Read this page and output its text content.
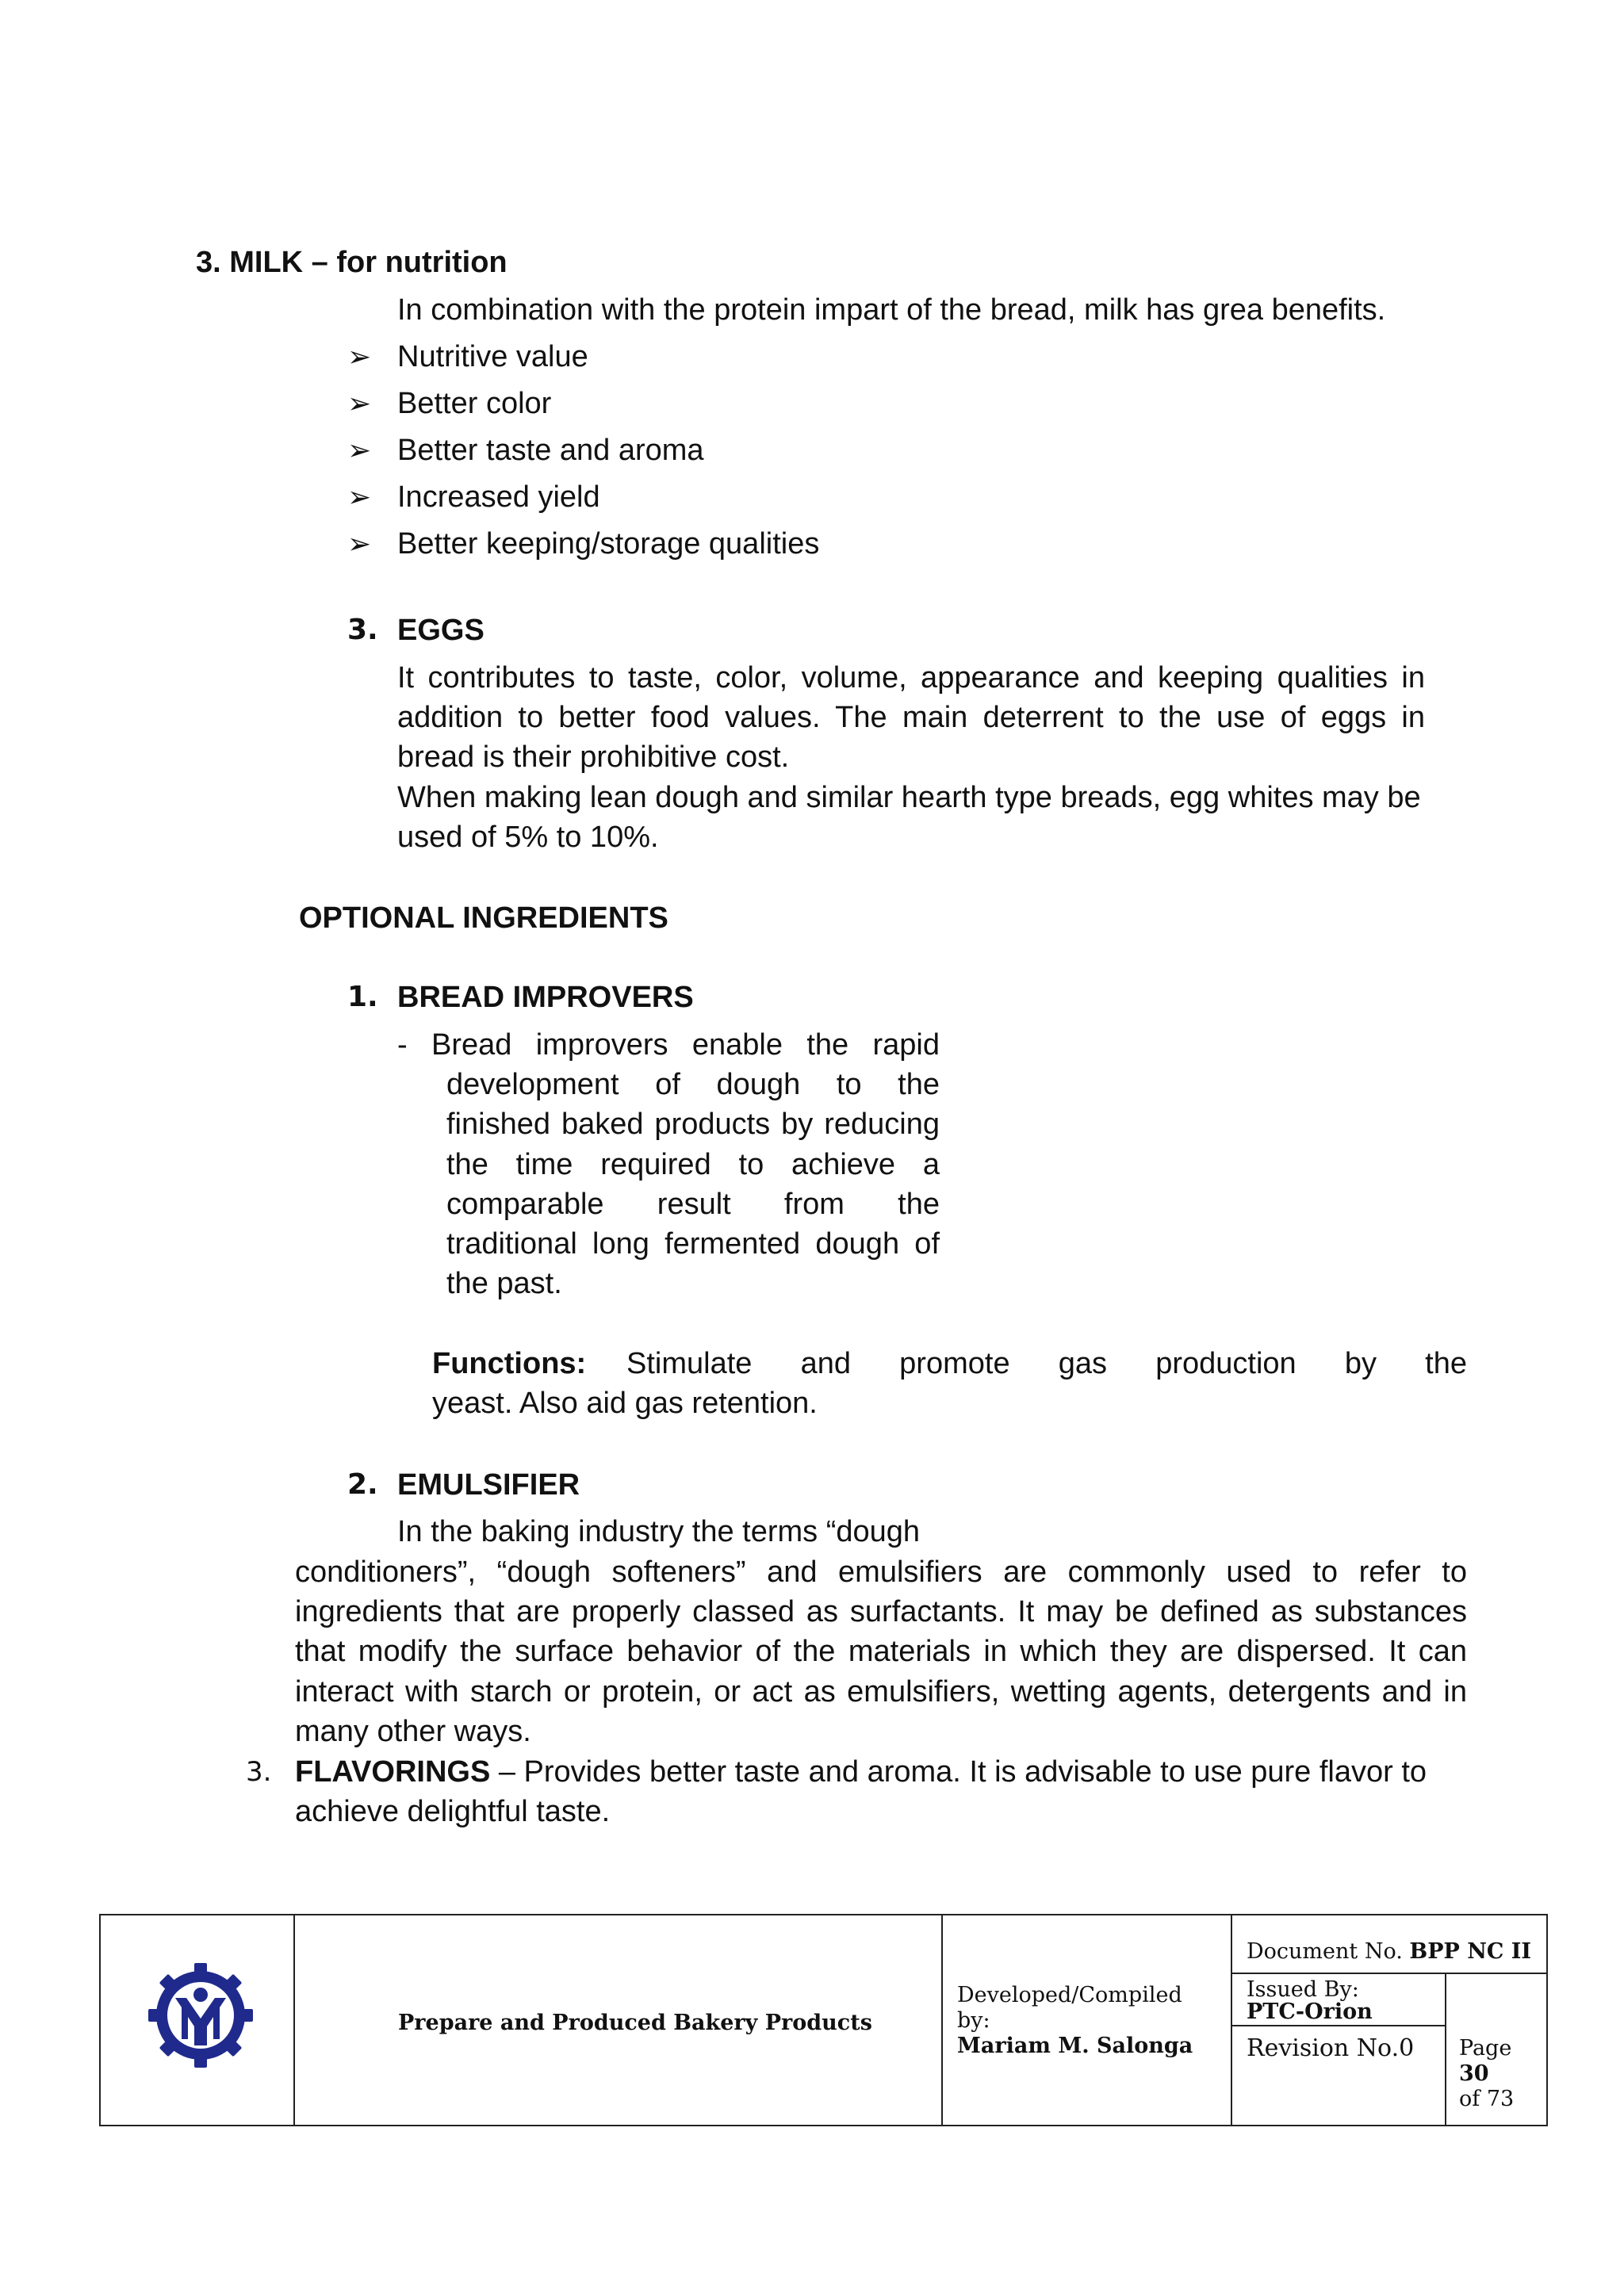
3. MILK – for nutrition
In combination with the protein impart of the bread, milk has grea benefits.
➢ Nutritive value
➢ Better color
➢ Better taste and aroma
➢ Increased yield
➢ Better keeping/storage qualities
3. EGGS
It contributes to taste, color, volume, appearance and keeping qualities in
addition to better food values. The main deterrent to the use of eggs in
bread is their prohibitive cost.
When making lean dough and similar hearth type breads, egg whites may be
used of 5% to 10%.
OPTIONAL INGREDIENTS
1. BREAD IMPROVERS
- Bread improvers enable the rapid
development of dough to the
finished baked products by reducing
the time required to achieve a
comparable result from the
traditional long fermented dough of
the past.
Functions: Stimulate and promote gas production by the
yeast. Also aid gas retention.
2. EMULSIFIER
In the baking industry the terms “dough
conditioners”, “dough softeners” and emulsifiers are commonly used to refer to
ingredients that are properly classed as surfactants. It may be defined as substances
that modify the surface behavior of the materials in which they are dispersed. It can
interact with starch or protein, or act as emulsifiers, wetting agents, detergents and in
many other ways.
3. FLAVORINGS – Provides better taste and aroma. It is advisable to use pure flavor to
achieve delightful taste.
Prepare and Produced Bakery Products
Developed/Compiled
by:
Mariam M. Salonga
Document No. BPP NC II
Issued By:
PTC-Orion
Revision No.0 Page
30
of 73
